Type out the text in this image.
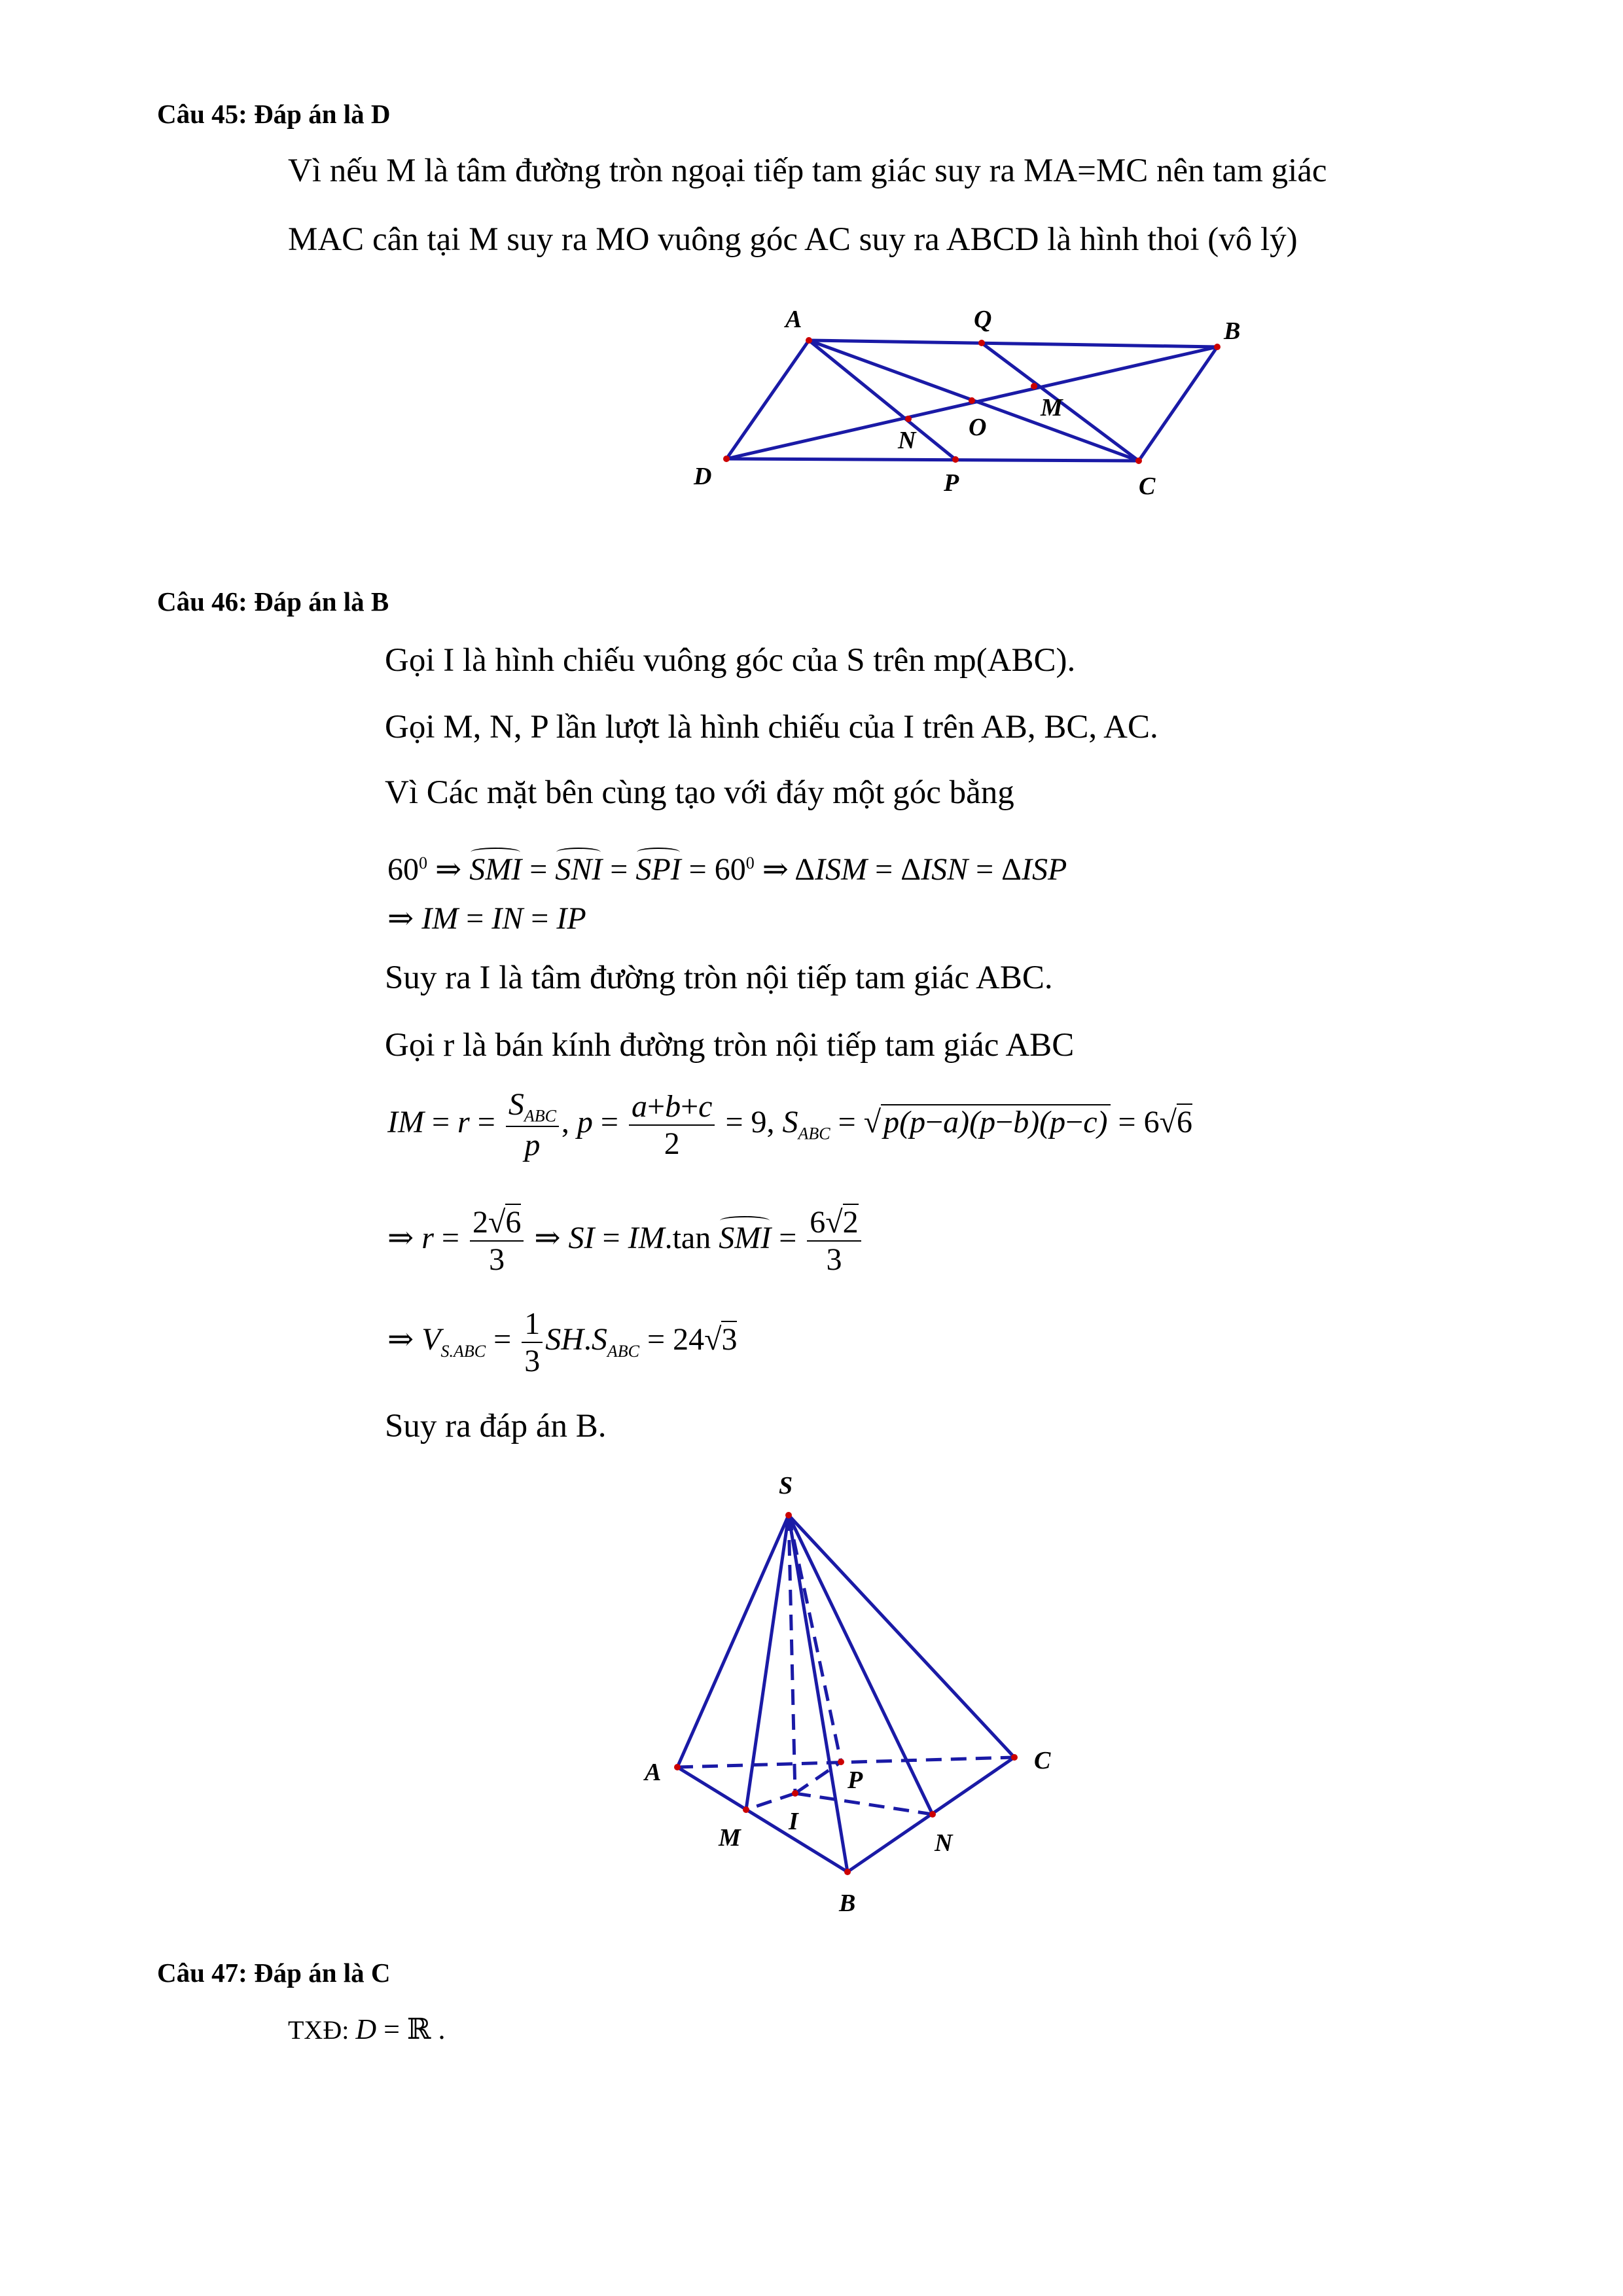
Câu 45: Đáp án là D
Vì nếu M là tâm đường tròn ngoại tiếp tam giác suy ra MA=MC nên tam giác
MAC cân tại M suy ra MO vuông góc AC suy ra ABCD là hình thoi (vô lý)
A	B
C
D
O
N
M
P
Q
Câu 46: Đáp án là B
Gọi I là hình chiếu vuông góc của S trên mp(ABC).
Gọi M, N, P lần lượt là hình chiếu của I trên AB, BC, AC.
Vì Các mặt bên cùng tạo với đáy một góc bằng
$60^0$ ⇒ SMI = SNI = SPI = $60^0$ ⇒ ΔISM = ΔISN = ΔISP
⇒ IM = IN = IP
Suy ra I là tâm đường tròn nội tiếp tam giác ABC.
Gọi r là bán kính đường tròn nội tiếp tam giác ABC
IM = $r = \frac{S_{ABC}}{p}$ , $p = \frac{a+b+c}{2} = 9$, $S_{ABC} = √p(p-a)(p-b)(p-c) = 6√6$
⇒ $r = \frac{2√6}{3}$ ⇒ SI = IM.tan SMI = $\frac{6√2}{3}$
⇒ $V_{S.ABC} = \frac{1}{3} SH.S_{ABC} = 24√3$
Suy ra đáp án B.
S
A
B
C
M	N
P
I
Câu 47: Đáp án là C
TXĐ: D = ℝ .
